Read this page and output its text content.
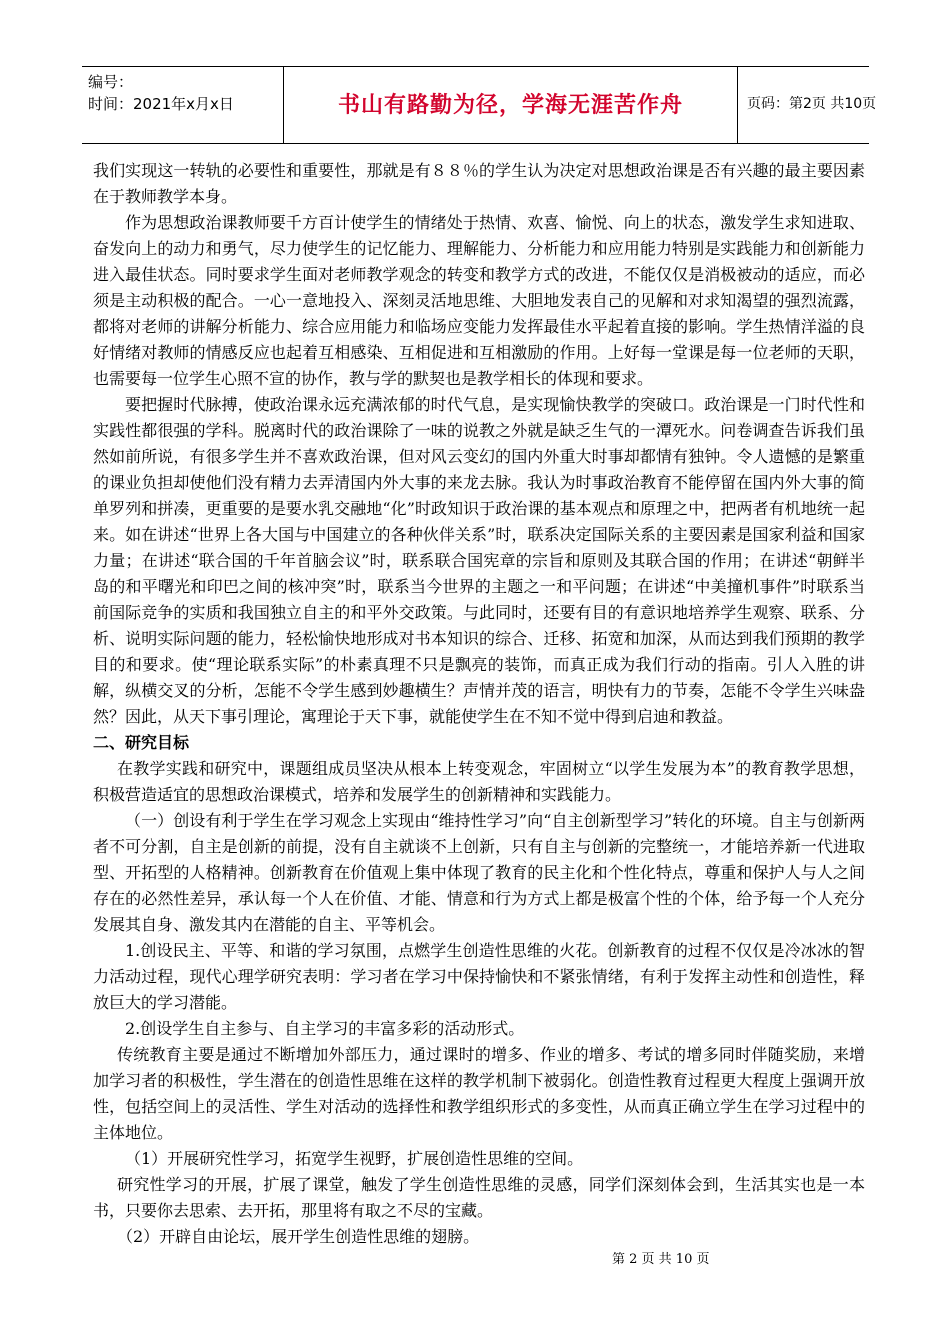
编号：
时间：2021年x月x日	书山有路勤为径，学海无涯苦作舟	页码：第2页 共10页

我们实现这一转轨的必要性和重要性，那就是有８８％的学生认为决定对思想政治课是否有兴趣的最主要因素在于教师教学本身。

作为思想政治课教师要千方百计使学生的情绪处于热情、欢喜、愉悦、向上的状态，激发学生求知进取、奋发向上的动力和勇气，尽力使学生的记忆能力、理解能力、分析能力和应用能力特别是实践能力和创新能力进入最佳状态。同时要求学生面对老师教学观念的转变和教学方式的改进，不能仅仅是消极被动的适应，而必须是主动积极的配合。一心一意地投入、深刻灵活地思维、大胆地发表自己的见解和对求知渴望的强烈流露，都将对老师的讲解分析能力、综合应用能力和临场应变能力发挥最佳水平起着直接的影响。学生热情洋溢的良好情绪对教师的情感反应也起着互相感染、互相促进和互相激励的作用。上好每一堂课是每一位老师的天职，也需要每一位学生心照不宣的协作，教与学的默契也是教学相长的体现和要求。

要把握时代脉搏，使政治课永远充满浓郁的时代气息，是实现愉快教学的突破口。政治课是一门时代性和实践性都很强的学科。脱离时代的政治课除了一味的说教之外就是缺乏生气的一潭死水。问卷调查告诉我们虽然如前所说，有很多学生并不喜欢政治课，但对风云变幻的国内外重大时事却都情有独钟。令人遗憾的是繁重的课业负担却使他们没有精力去弄清国内外大事的来龙去脉。我认为时事政治教育不能停留在国内外大事的简单罗列和拼凑，更重要的是要水乳交融地“化”时政知识于政治课的基本观点和原理之中，把两者有机地统一起来。如在讲述“世界上各大国与中国建立的各种伙伴关系”时，联系决定国际关系的主要因素是国家利益和国家力量；在讲述“联合国的千年首脑会议”时，联系联合国宪章的宗旨和原则及其联合国的作用；在讲述“朝鲜半岛的和平曙光和印巴之间的核冲突”时，联系当今世界的主题之一和平问题；在讲述“中美撞机事件”时联系当前国际竞争的实质和我国独立自主的和平外交政策。与此同时，还要有目的有意识地培养学生观察、联系、分析、说明实际问题的能力，轻松愉快地形成对书本知识的综合、迁移、拓宽和加深，从而达到我们预期的教学目的和要求。使“理论联系实际”的朴素真理不只是飘亮的装饰，而真正成为我们行动的指南。引人入胜的讲解，纵横交叉的分析，怎能不令学生感到妙趣横生？声情并茂的语言，明快有力的节奏，怎能不令学生兴味盎然？因此，从天下事引理论，寓理论于天下事，就能使学生在不知不觉中得到启迪和教益。

二、研究目标

在教学实践和研究中，课题组成员坚决从根本上转变观念，牢固树立“以学生发展为本”的教育教学思想，积极营造适宜的思想政治课模式，培养和发展学生的创新精神和实践能力。

（一）创设有利于学生在学习观念上实现由“维持性学习”向“自主创新型学习”转化的环境。自主与创新两者不可分割，自主是创新的前提，没有自主就谈不上创新，只有自主与创新的完整统一，才能培养新一代进取型、开拓型的人格精神。创新教育在价值观上集中体现了教育的民主化和个性化特点，尊重和保护人与人之间存在的必然性差异，承认每一个人在价值、才能、情意和行为方式上都是极富个性的个体，给予每一个人充分发展其自身、激发其内在潜能的自主、平等机会。

1.创设民主、平等、和谐的学习氛围，点燃学生创造性思维的火花。创新教育的过程不仅仅是冷冰冰的智力活动过程，现代心理学研究表明：学习者在学习中保持愉快和不紧张情绪，有利于发挥主动性和创造性，释放巨大的学习潜能。

2.创设学生自主参与、自主学习的丰富多彩的活动形式。

传统教育主要是通过不断增加外部压力，通过课时的增多、作业的增多、考试的增多同时伴随奖励，来增加学习者的积极性，学生潜在的创造性思维在这样的教学机制下被弱化。创造性教育过程更大程度上强调开放性，包括空间上的灵活性、学生对活动的选择性和教学组织形式的多变性，从而真正确立学生在学习过程中的主体地位。

（1）开展研究性学习，拓宽学生视野，扩展创造性思维的空间。

研究性学习的开展，扩展了课堂，触发了学生创造性思维的灵感，同学们深刻体会到，生活其实也是一本书，只要你去思索、去开拓，那里将有取之不尽的宝藏。

（2）开辟自由论坛，展开学生创造性思维的翅膀。

第 2 页 共 10 页
